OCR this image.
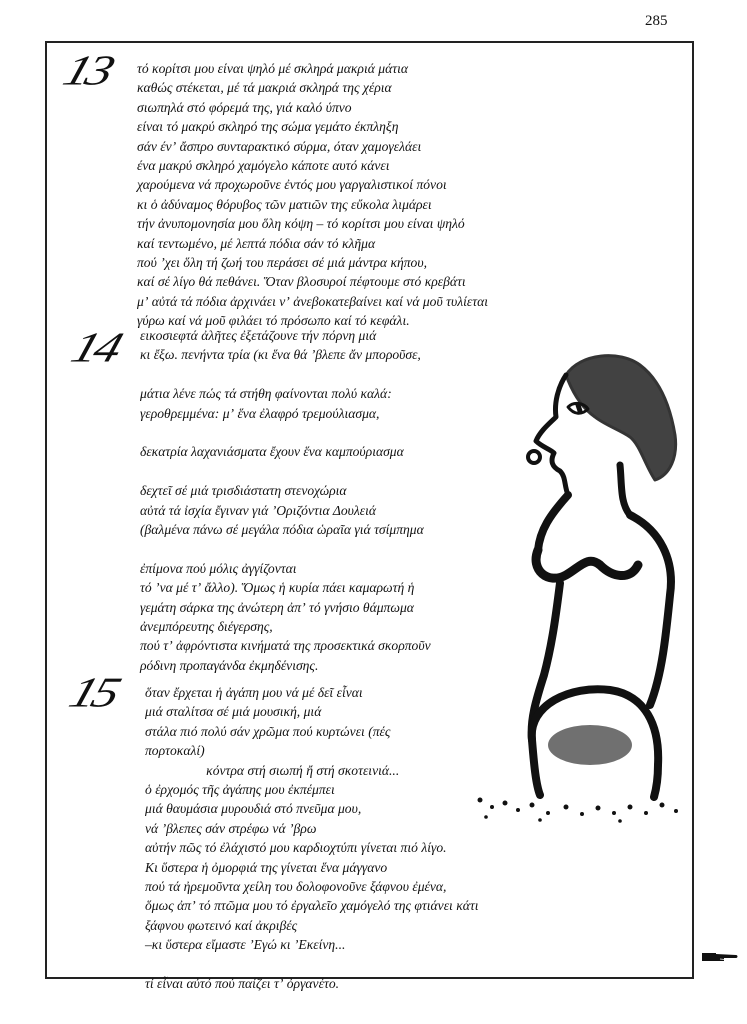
285
13 τό κορίτσι μου είναι ψηλό μέ σκληρά μακριά μάτια
καθώς στέκεται, μέ τά μακριά σκληρά της χέρια
σιωπηλά στό φόρεμά της, γιά καλό ύπνο
είναι τό μακρύ σκληρό της σώμα γεμάτο έκπληξη
σάν ένʼ ἄσπρο συνταρακτικό σύρμα, όταν χαμογελάει
ένα μακρύ σκληρό χαμόγελο κάποτε αυτό κάνει
χαρούμενα νά προχωροῦνε ἐντός μου γαργαλιστικοί πόνοι
κι ὁ ἀδύναμος θόρυβος τῶν ματιῶν της εὔκολα λιμάρει
τήν ἀνυπομονησία μου ὅλη κόψη – τό κορίτσι μου είναι ψηλό
καί τεντωμένο, μέ λεπτά πόδια σάν τό κλῆμα
πού ʼχει ὅλη τή ζωή του περάσει σέ μιά μάντρα κήπου,
καί σέ λίγο θά πεθάνει. Ὅταν βλοσυροί πέφτουμε στό κρεβάτι
μʼ αὐτά τά πόδια ἀρχινάει νʼ ἀνεβοκατεβαίνει καί νά μοῦ τυλίεται
γύρω καί νά μοῦ φιλάει τό πρόσωπο καί τό κεφάλι.
14 εικοσιεφτά ἀλῆτες ἐξετάζουνε τήν πόρνη μιά
κι ἔξω. πενήντα τρία (κι ἕνα θά ʼβλεπε ἄν μποροῦσε,
μάτια λένε πώς τά στήθη φαίνονται πολύ καλά:
γεροθρεμμένα: μʼ ἕνα ἐλαφρό τρεμούλιασμα,
δεκατρία λαχανιάσματα ἔχουν ἕνα καμπούριασμα
δεχτεῖ σέ μιά τρισδιάστατη στενοχώρια
αὐτά τά ἰσχία ἔγιναν γιά ʼΟριζόντια Δουλειά
(βαλμένα πάνω σέ μεγάλα πόδια ὡραῖα γιά τσίμπημα
ἐπίμονα πού μόλις ἀγγίζονται
τό ʼνα μέ τʼ ἄλλο). Ὅμως ἡ κυρία πάει καμαρωτή ἡ
γεμάτη σάρκα της ἀνώτερη ἀπʼ τό γνήσιο θάμπωμα
ἀνεμπόρευτης διέγερσης,
πού τʼ ἀφρόντιστα κινήματά της προσεκτικά σκορποῦν
ρόδινη προπαγάνδα ἐκμηδένισης.
15 ὅταν ἔρχεται ἡ ἀγάπη μου νά μέ δεῖ εἶναι
μιά σταλίτσα σέ μιά μουσική, μιά
στάλα πιό πολύ σάν χρῶμα πού κυρτώνει (πές
πορτοκαλί)
κόντρα στή σιωπή ἤ στή σκοτεινιά...
ὁ ἐρχομός τῆς ἀγάπης μου ἐκπέμπει
μιά θαυμάσια μυρουδιά στό πνεῦμα μου,
νά ʼβλεπες σάν στρέφω νά ʼβρω
αὐτήν πῶς τό ἐλάχιστό μου καρδιοχτύπι γίνεται πιό λίγο.
Κι ὕστερα ἡ ὀμορφιά της γίνεται ἕνα μάγγανο
πού τά ἠρεμοῦντα χείλη του δολοφονοῦνε ξάφνου ἐμένα,
ὅμως ἀπʼ τό πτῶμα μου τό ἐργαλεῖο χαμόγελό της φτιάνει κάτι
ξάφνου φωτεινό καί ἀκριβές
–κι ὕστερα εἴμαστε ʼΕγώ κι ʼΕκείνη...
τί εἶναι αὐτό πού παίζει τʼ ὀργανέτο.
